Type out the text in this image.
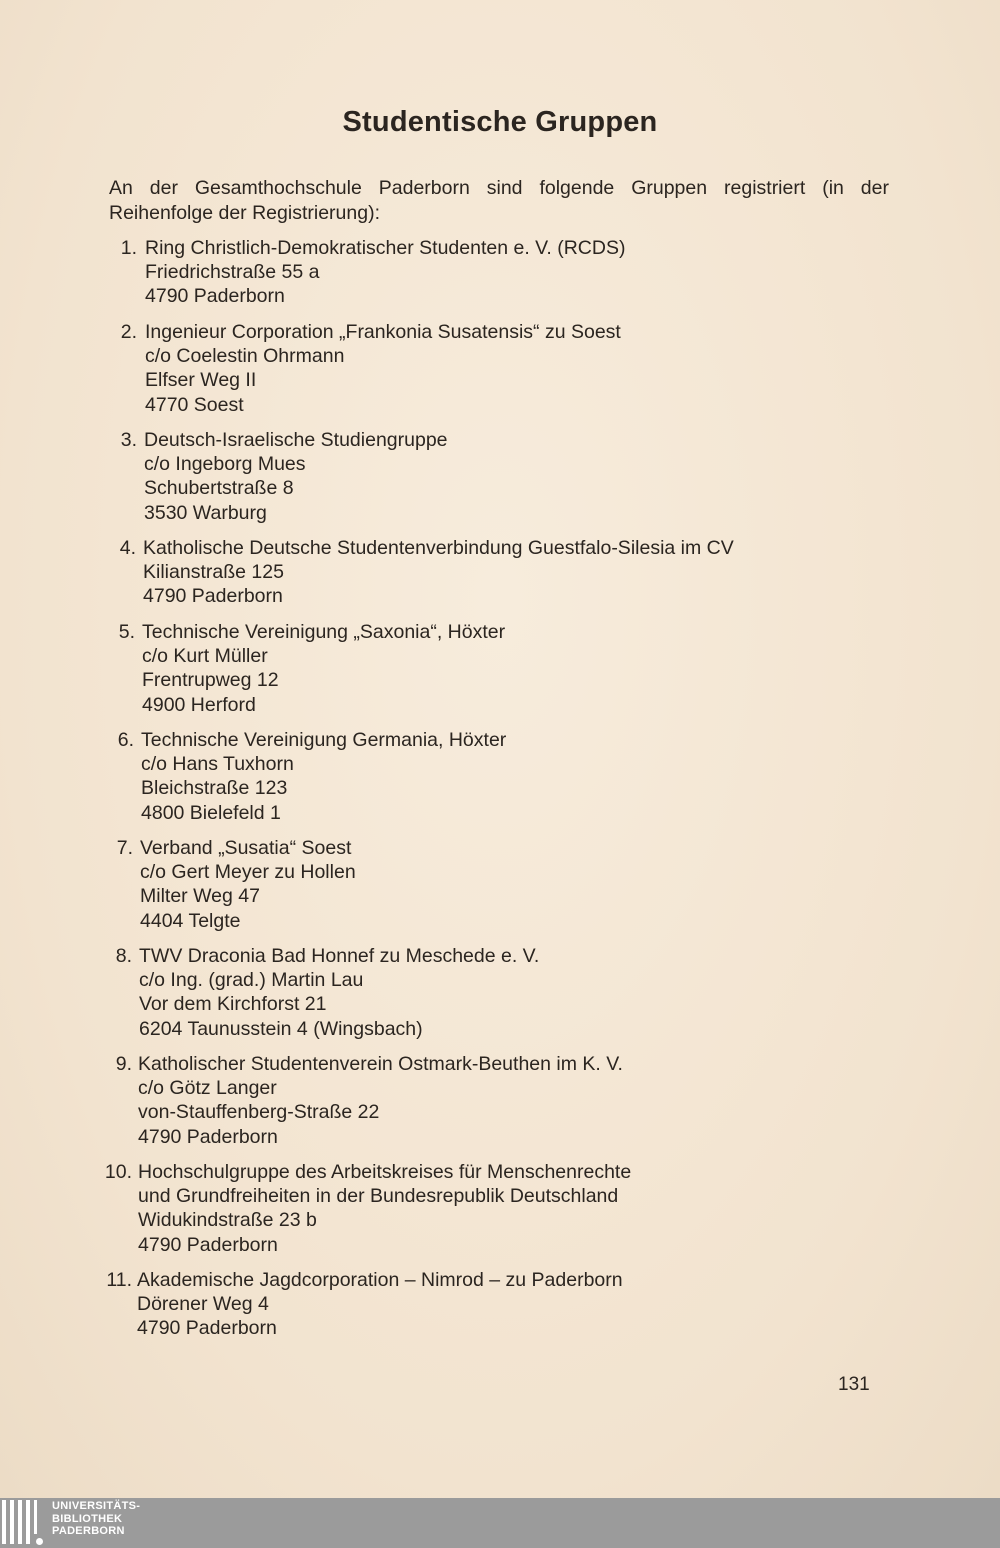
Studentische Gruppen
An der Gesamthochschule Paderborn sind folgende Gruppen registriert (in der Reihenfolge der Registrierung):
1. Ring Christlich-Demokratischer Studenten e. V. (RCDS)
Friedrichstraße 55 a
4790 Paderborn
2. Ingenieur Corporation „Frankonia Susatensis“ zu Soest
c/o Coelestin Ohrmann
Elfser Weg II
4770 Soest
3. Deutsch-Israelische Studiengruppe
c/o Ingeborg Mues
Schubertstraße 8
3530 Warburg
4. Katholische Deutsche Studentenverbindung Guestfalo-Silesia im CV
Kilianstraße 125
4790 Paderborn
5. Technische Vereinigung „Saxonia“, Höxter
c/o Kurt Müller
Frentrupweg 12
4900 Herford
6. Technische Vereinigung Germania, Höxter
c/o Hans Tuxhorn
Bleichstraße 123
4800 Bielefeld 1
7. Verband „Susatia“ Soest
c/o Gert Meyer zu Hollen
Milter Weg 47
4404 Telgte
8. TWV Draconia Bad Honnef zu Meschede e. V.
c/o Ing. (grad.) Martin Lau
Vor dem Kirchforst 21
6204 Taunusstein 4 (Wingsbach)
9. Katholischer Studentenverein Ostmark-Beuthen im K. V.
c/o Götz Langer
von-Stauffenberg-Straße 22
4790 Paderborn
10. Hochschulgruppe des Arbeitskreises für Menschenrechte
und Grundfreiheiten in der Bundesrepublik Deutschland
Widukindstraße 23 b
4790 Paderborn
11. Akademische Jagdcorporation – Nimrod – zu Paderborn
Dörener Weg 4
4790 Paderborn
131
UNIVERSITÄTS-
BIBLIOTHEK
PADERBORN
